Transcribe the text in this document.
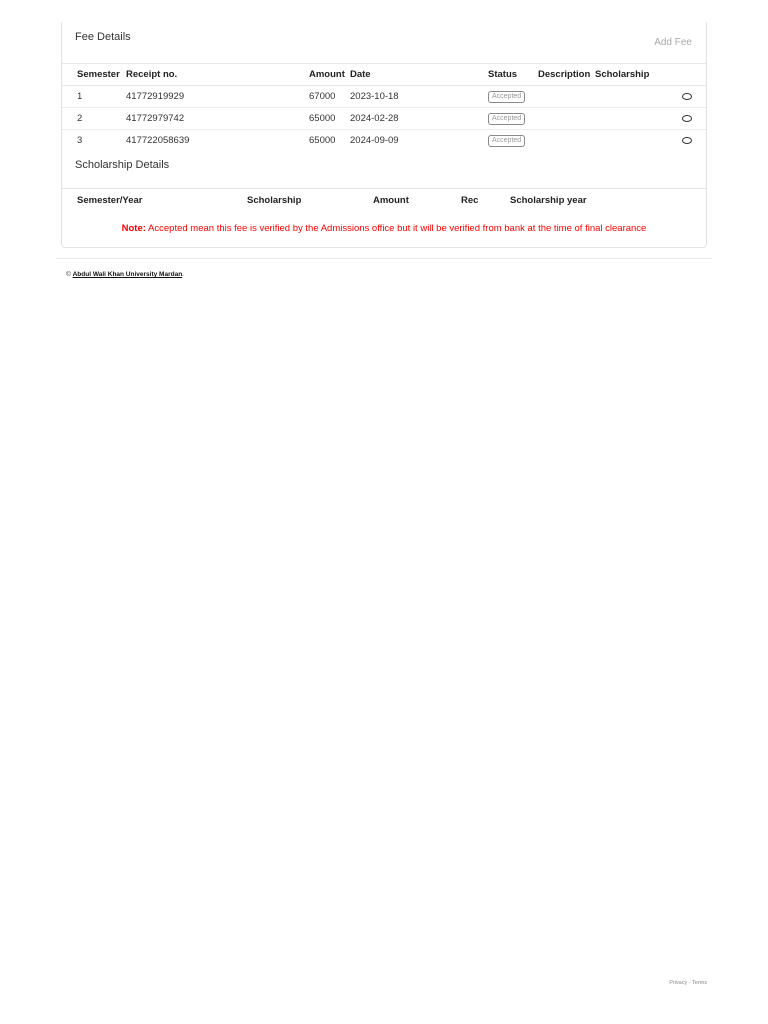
Fee Details	Add Fee
Semester	Receipt no.	Amount	Date	Status	Description	Scholarship
1	41772919929	67000	2023-10-18	Accepted		
2	41772979742	65000	2024-02-28	Accepted		
3	417722058639	65000	2024-09-09	Accepted		
Scholarship Details
Semester/Year	Scholarship	Amount	Rec	Scholarship year
Note: Accepted mean this fee is verified by the Admissions office but it will be verified from bank at the time of final clearance
© Abdul Wali Khan University Mardan.
Privacy - Terms
